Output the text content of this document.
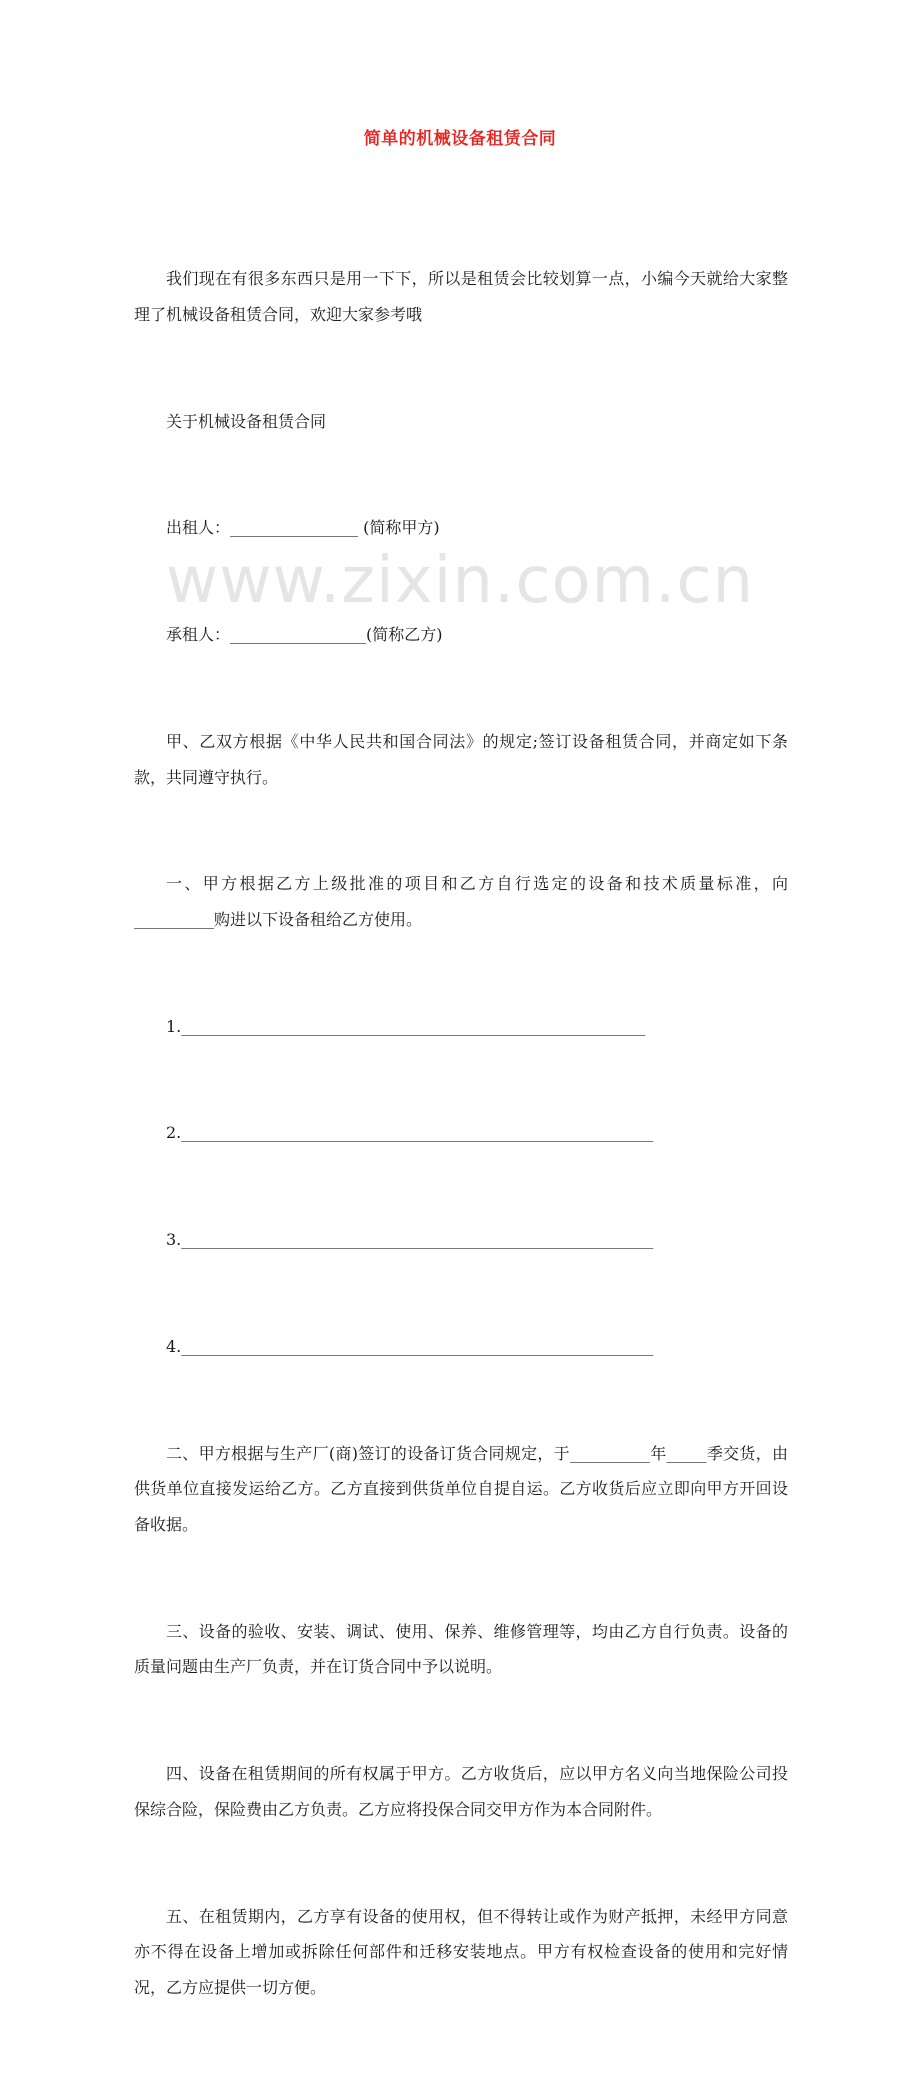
简单的机械设备租赁合同

我们现在有很多东西只是用一下下，所以是租赁会比较划算一点，小编今天就给大家整理了机械设备租赁合同，欢迎大家参考哦

关于机械设备租赁合同

出租人：________________ (简称甲方)

承租人：_________________(简称乙方)

甲、乙双方根据《中华人民共和国合同法》的规定;签订设备租赁合同，并商定如下条款，共同遵守执行。

一、甲方根据乙方上级批准的项目和乙方自行选定的设备和技术质量标准，向__________购进以下设备租给乙方使用。

1.__________________________________________________________

2.___________________________________________________________

3.___________________________________________________________

4.___________________________________________________________

二、甲方根据与生产厂(商)签订的设备订货合同规定，于__________年_____季交货，由供货单位直接发运给乙方。乙方直接到供货单位自提自运。乙方收货后应立即向甲方开回设备收据。

三、设备的验收、安装、调试、使用、保养、维修管理等，均由乙方自行负责。设备的质量问题由生产厂负责，并在订货合同中予以说明。

四、设备在租赁期间的所有权属于甲方。乙方收货后，应以甲方名义向当地保险公司投保综合险，保险费由乙方负责。乙方应将投保合同交甲方作为本合同附件。

五、在租赁期内，乙方享有设备的使用权，但不得转让或作为财产抵押，未经甲方同意亦不得在设备上增加或拆除任何部件和迁移安装地点。甲方有权检查设备的使用和完好情况，乙方应提供一切方便。

www.zixin.com.cn
